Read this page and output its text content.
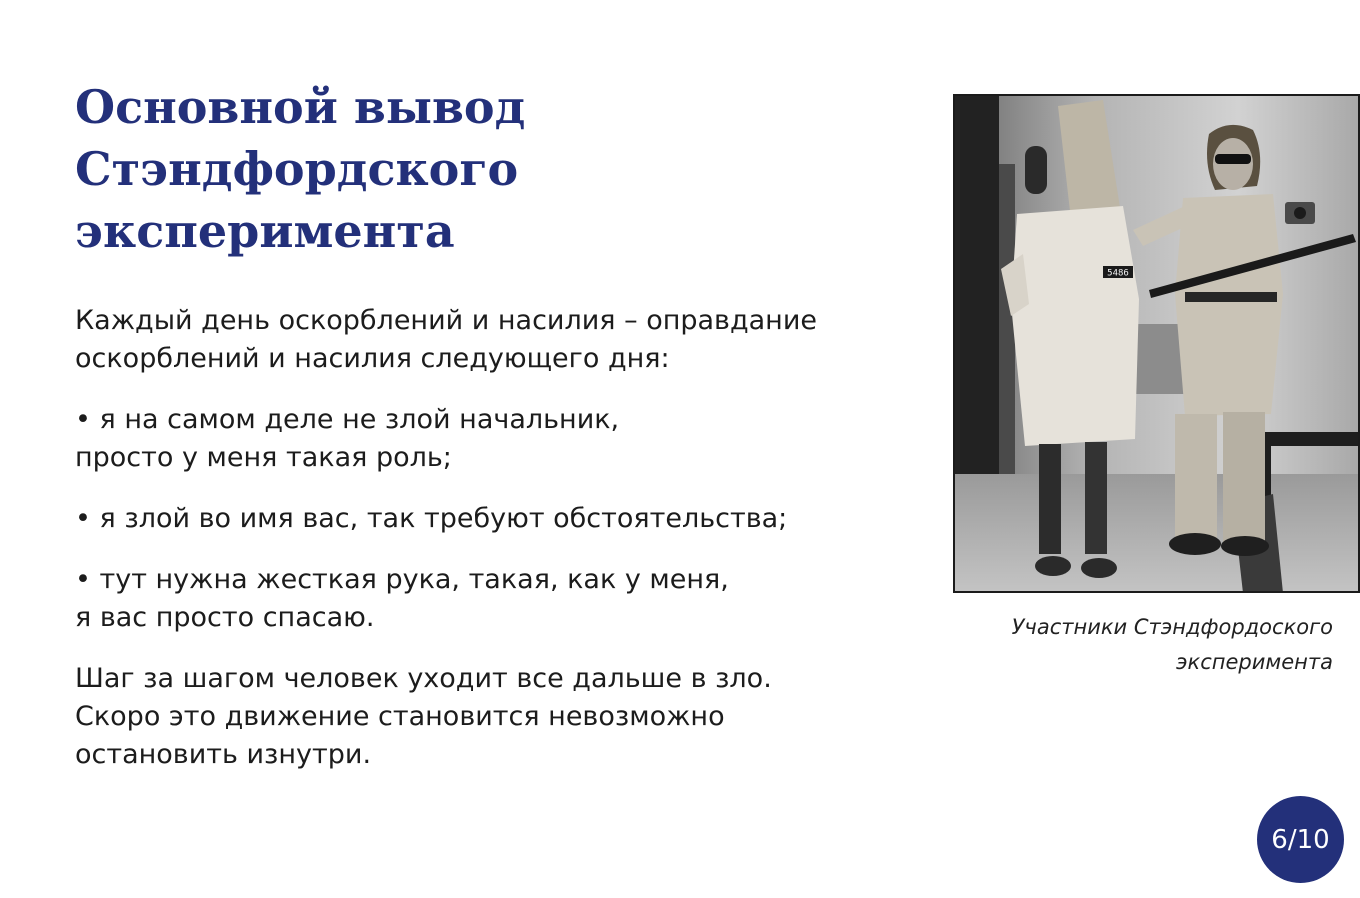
Основной вывод
Стэндфордского
эксперимента

Каждый день оскорблений и насилия – оправдание
оскорблений и насилия следующего дня:

• я на самом деле не злой начальник,
просто у меня такая роль;

• я злой во имя вас, так требуют обстоятельства;

• тут нужна жесткая рука, такая, как у меня,
я вас просто спасаю.

Шаг за шагом человек уходит все дальше в зло.
Скоро это движение становится невозможно
остановить изнутри.

5486
Участники Стэндфордоского
эксперимента
6/10
